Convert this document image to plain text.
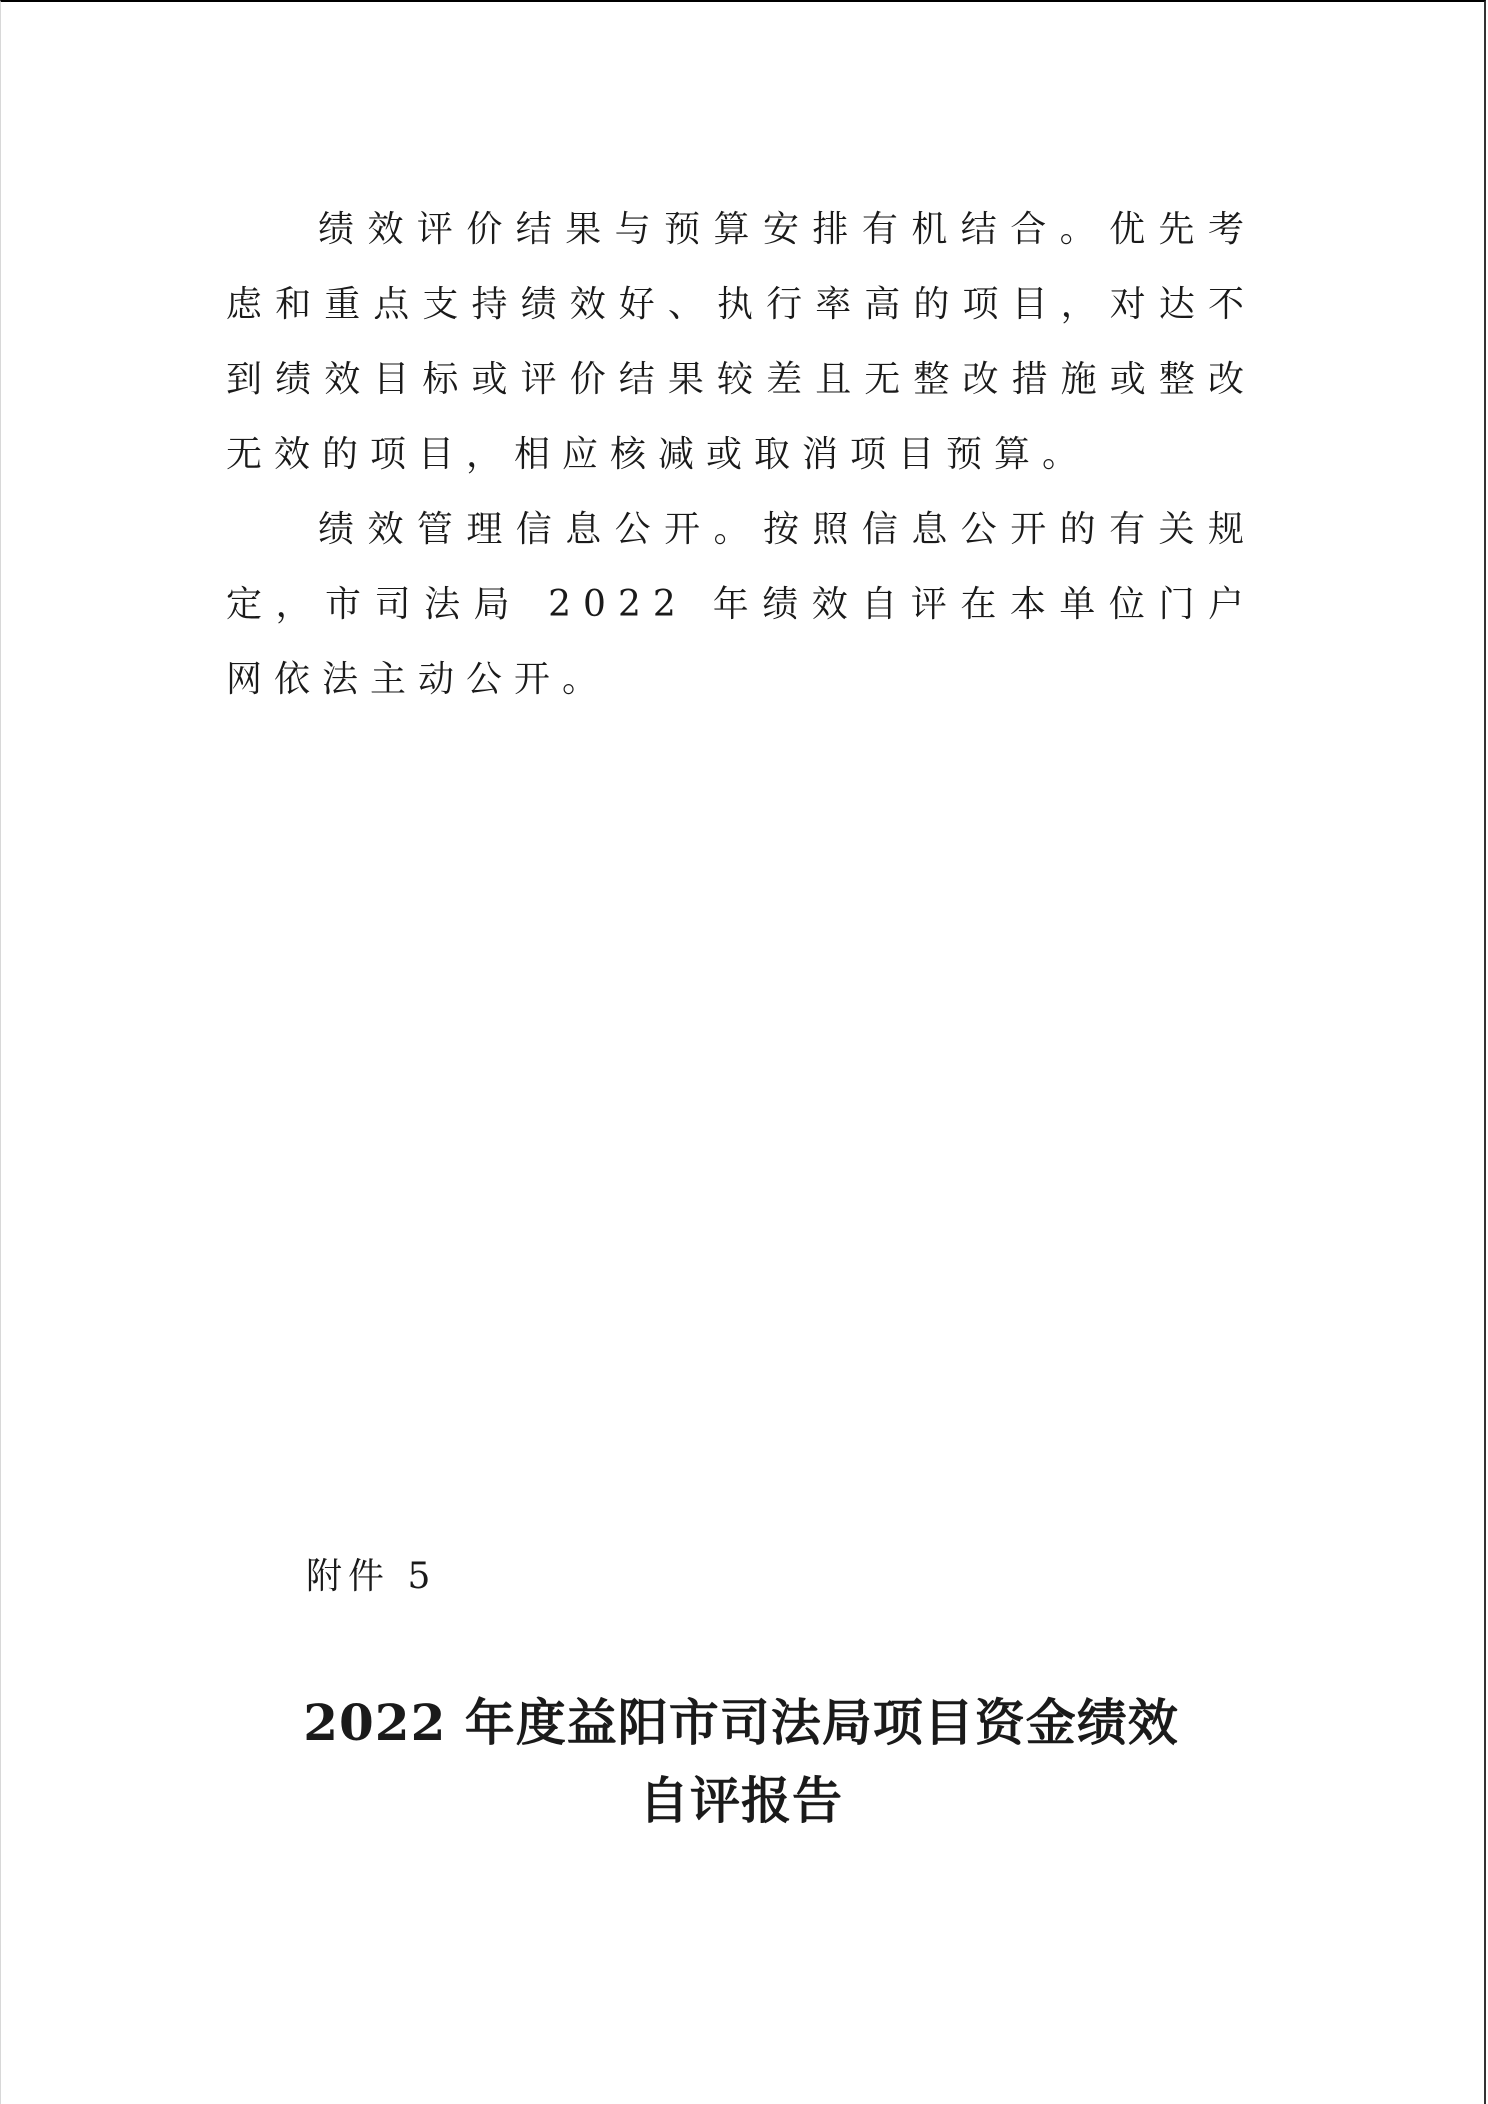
绩效评价结果与预算安排有机结合。优先考虑和重点支持绩效好、执行率高的项目，对达不到绩效目标或评价结果较差且无整改措施或整改无效的项目，相应核减或取消项目预算。

绩效管理信息公开。按照信息公开的有关规定，市司法局 2022 年绩效自评在本单位门户网依法主动公开。

附件 5

2022 年度益阳市司法局项目资金绩效
自评报告
